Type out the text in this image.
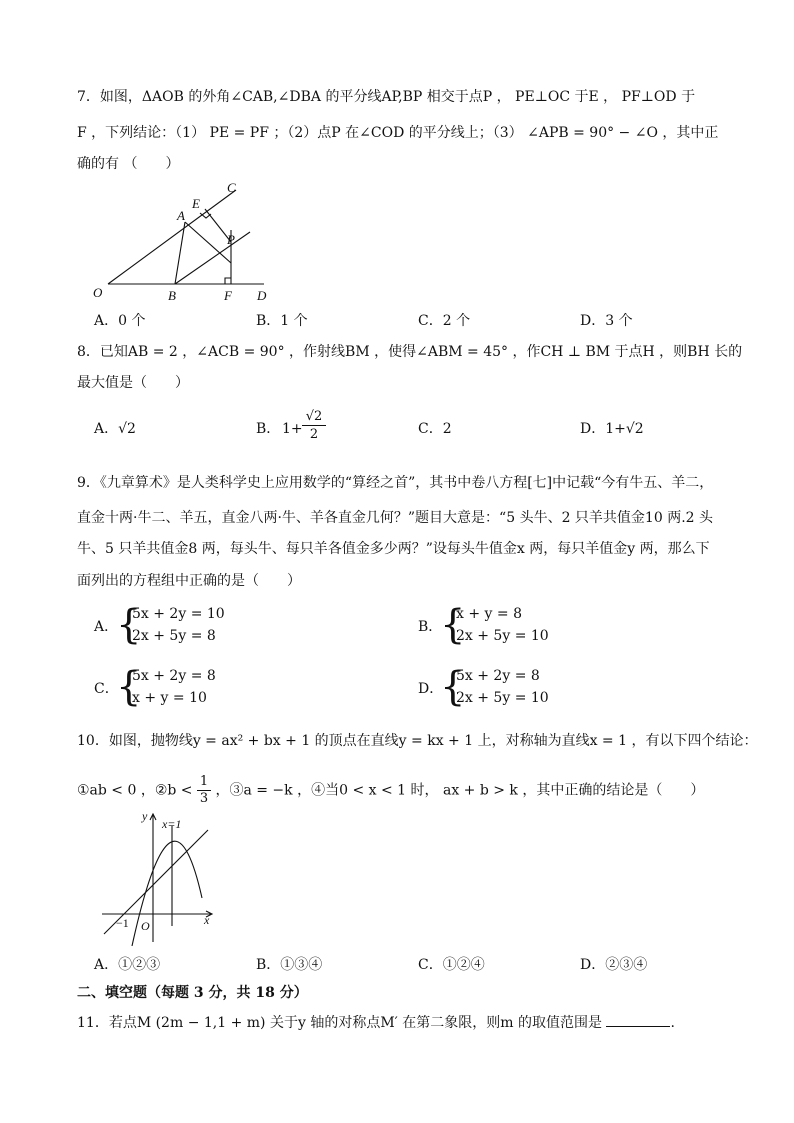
7．如图，ΔAOB 的外角∠CAB,∠DBA 的平分线AP,BP 相交于点P ， PE⊥OC 于E ， PF⊥OD 于
F ，下列结论：（1） PE = PF ；（2）点P 在∠COD 的平分线上；（3） ∠APB = 90° − ∠O ，其中正
确的有 （　　）
C
E
A
P
O	B	F D
A．0 个	B．1 个	C．2 个	D．3 个
8．已知AB = 2 ，∠ACB = 90° ，作射线BM ，使得∠ABM = 45° ，作CH ⊥ BM 于点H ，则BH 长的
最大值是（　　）
A．√2	B． $1+ \frac{√2}{2}$	C．2	D．1+√2
9．《九章算术》是人类科学史上应用数学的“算经之首”，其书中卷八方程[七]中记载“今有牛五、羊二，
直金十两·牛二、羊五，直金八两·牛、羊各直金几何？”题目大意是：“5 头牛、2 只羊共值金10 两.2 头
牛、5 只羊共值金8 两，每头牛、每只羊各值金多少两？”设每头牛值金x 两，每只羊值金y 两，那么下
面列出的方程组中正确的是（　　）
A．
{
5x + 2y = 10
2x + 5y = 8
B．
{
x + y = 8
2x + 5y = 10
C．
{
5x + 2y = 8
x + y = 10
D．
{
5x + 2y = 8
2x + 5y = 10
10．如图，抛物线y = ax² + bx + 1 的顶点在直线y = kx + 1 上，对称轴为直线x = 1 ，有以下四个结论：
①ab < 0 ，②b < $\frac{1}{3}$ ，③a = −k ，④当0 < x < 1 时， ax + b > k ，其中正确的结论是（　　）
y
x=1
x
−1 O
A．①②③	B．①③④	C．①②④	D．②③④
二、填空题（每题 3 分，共 18 分）
11．若点M (2m − 1,1 + m) 关于y 轴的对称点M′ 在第二象限，则m 的取值范围是	.
